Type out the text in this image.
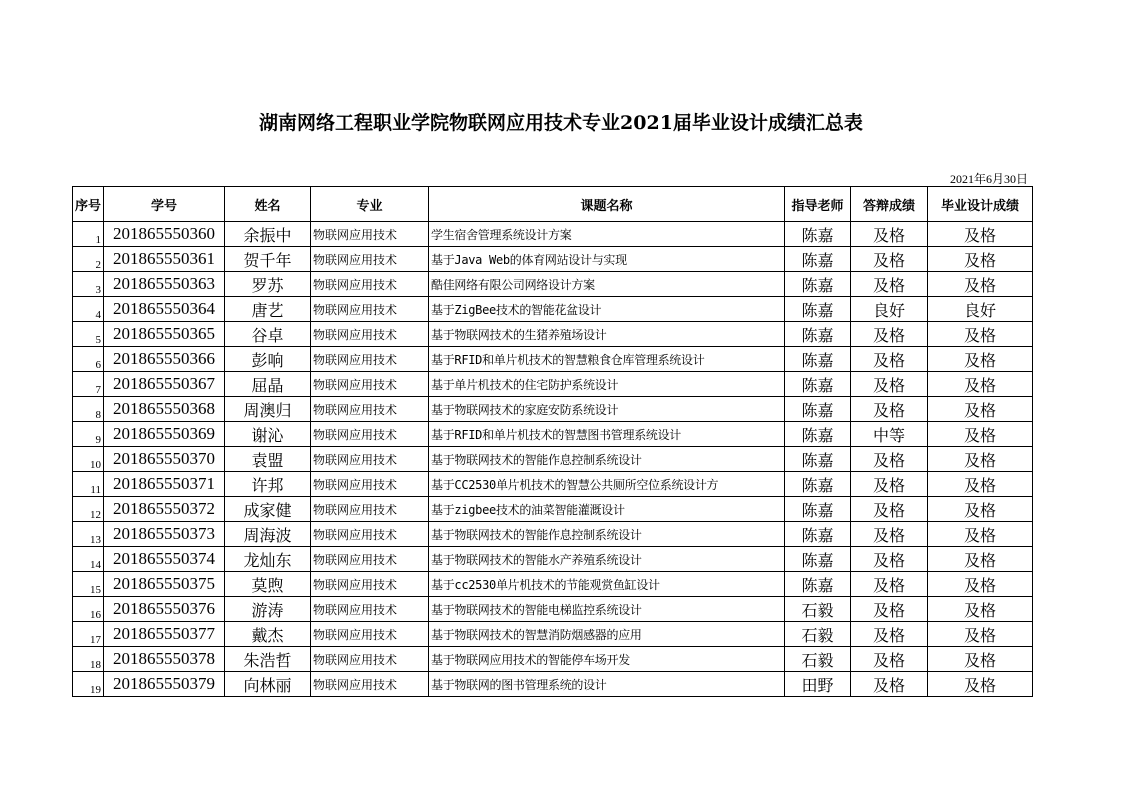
湖南网络工程职业学院物联网应用技术专业2021届毕业设计成绩汇总表
2021年6月30日
序号	学号	姓名	专业	课题名称	指导老师	答辩成绩	毕业设计成绩
1	201865550360	余振中	物联网应用技术	学生宿舍管理系统设计方案	陈嘉	及格	及格
2	201865550361	贺千年	物联网应用技术	基于Java Web的体育网站设计与实现	陈嘉	及格	及格
3	201865550363	罗苏	物联网应用技术	酷佳网络有限公司网络设计方案	陈嘉	及格	及格
4	201865550364	唐艺	物联网应用技术	基于ZigBee技术的智能花盆设计	陈嘉	良好	良好
5	201865550365	谷卓	物联网应用技术	基于物联网技术的生猪养殖场设计	陈嘉	及格	及格
6	201865550366	彭响	物联网应用技术	基于RFID和单片机技术的智慧粮食仓库管理系统设计	陈嘉	及格	及格
7	201865550367	屈晶	物联网应用技术	基于单片机技术的住宅防护系统设计	陈嘉	及格	及格
8	201865550368	周澳归	物联网应用技术	基于物联网技术的家庭安防系统设计	陈嘉	及格	及格
9	201865550369	谢沁	物联网应用技术	基于RFID和单片机技术的智慧图书管理系统设计	陈嘉	中等	及格
10	201865550370	袁盟	物联网应用技术	基于物联网技术的智能作息控制系统设计	陈嘉	及格	及格
11	201865550371	许邦	物联网应用技术	基于CC2530单片机技术的智慧公共厕所空位系统设计方	陈嘉	及格	及格
12	201865550372	成家健	物联网应用技术	基于zigbee技术的油菜智能灌溉设计	陈嘉	及格	及格
13	201865550373	周海波	物联网应用技术	基于物联网技术的智能作息控制系统设计	陈嘉	及格	及格
14	201865550374	龙灿东	物联网应用技术	基于物联网技术的智能水产养殖系统设计	陈嘉	及格	及格
15	201865550375	莫煦	物联网应用技术	基于cc2530单片机技术的节能观赏鱼缸设计	陈嘉	及格	及格
16	201865550376	游涛	物联网应用技术	基于物联网技术的智能电梯监控系统设计	石毅	及格	及格
17	201865550377	戴杰	物联网应用技术	基于物联网技术的智慧消防烟感器的应用	石毅	及格	及格
18	201865550378	朱浩哲	物联网应用技术	基于物联网应用技术的智能停车场开发	石毅	及格	及格
19	201865550379	向林丽	物联网应用技术	基于物联网的图书管理系统的设计	田野	及格	及格
